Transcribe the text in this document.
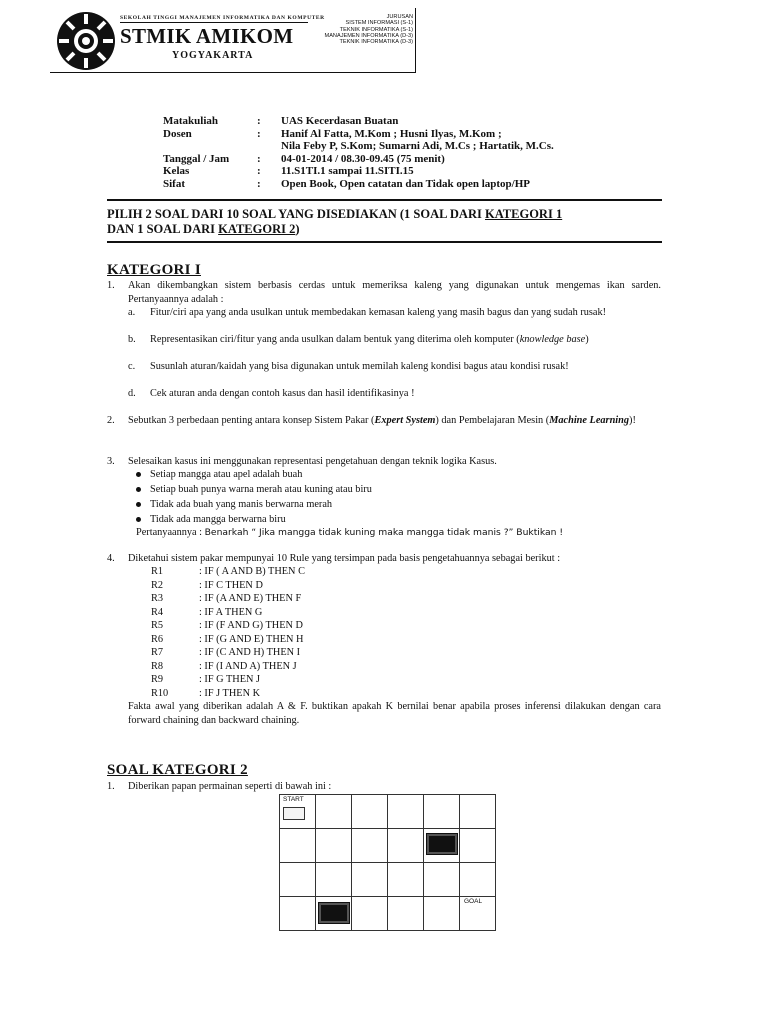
SEKOLAH TINGGI MANAJEMEN INFORMATIKA DAN KOMPUTER
STMIK AMIKOM
YOGYAKARTA
JURUSAN
SISTEM INFORMASI (S-1)
TEKNIK INFORMATIKA (S-1)
MANAJEMEN INFORMATIKA (D-3)
TEKNIK INFORMATIKA (D-3)
Matakuliah	:	UAS Kecerdasan Buatan
Dosen	:	Hanif Al Fatta, M.Kom ; Husni Ilyas, M.Kom ;
		Nila Feby P, S.Kom; Sumarni Adi, M.Cs ; Hartatik, M.Cs.
Tanggal / Jam	:	04-01-2014 / 08.30-09.45 (75 menit)
Kelas	:	11.S1TI.1 sampai 11.SITI.15
Sifat	:	Open Book, Open catatan dan Tidak open laptop/HP
PILIH 2 SOAL DARI 10 SOAL YANG DISEDIAKAN (1 SOAL DARI KATEGORI 1
DAN 1 SOAL DARI KATEGORI 2)
KATEGORI I
1. Akan dikembangkan sistem berbasis cerdas untuk memeriksa kaleng yang digunakan untuk mengemas ikan sarden. Pertanyaannya adalah :
a. Fitur/ciri apa yang anda usulkan untuk membedakan kemasan kaleng yang masih bagus dan yang sudah rusak!
b. Representasikan ciri/fitur yang anda usulkan dalam bentuk yang diterima oleh komputer (knowledge base)
c. Susunlah aturan/kaidah yang bisa digunakan untuk memilah kaleng kondisi bagus atau kondisi rusak!
d. Cek aturan anda dengan contoh kasus dan hasil identifikasinya !
2. Sebutkan 3 perbedaan penting antara konsep Sistem Pakar (Expert System) dan Pembelajaran Mesin (Machine Learning)!
3. Selesaikan kasus ini menggunakan representasi pengetahuan dengan teknik logika Kasus.
Setiap mangga atau apel adalah buah
Setiap buah punya warna merah atau kuning atau biru
Tidak ada buah yang manis berwarna merah
Tidak ada mangga berwarna biru
Pertanyaannya : Benarkah “ Jika mangga tidak kuning maka mangga tidak manis ?” Buktikan !
4. Diketahui sistem pakar mempunyai 10 Rule yang tersimpan pada basis pengetahuannya sebagai berikut :
R1	: IF ( A AND B) THEN C
R2	: IF C THEN D
R3	: IF (A AND E) THEN F
R4	: IF A THEN G
R5	: IF (F AND G) THEN D
R6	: IF (G AND E) THEN H
R7	: IF (C AND H) THEN I
R8	: IF (I AND A) THEN J
R9	: IF G THEN J
R10	: IF J THEN K
Fakta awal yang diberikan adalah A & F. buktikan apakah K bernilai benar apabila proses inferensi dilakukan dengan cara forward chaining dan backward chaining.
SOAL KATEGORI 2
1. Diberikan papan permainan seperti di bawah ini :
START					

					GOAL
